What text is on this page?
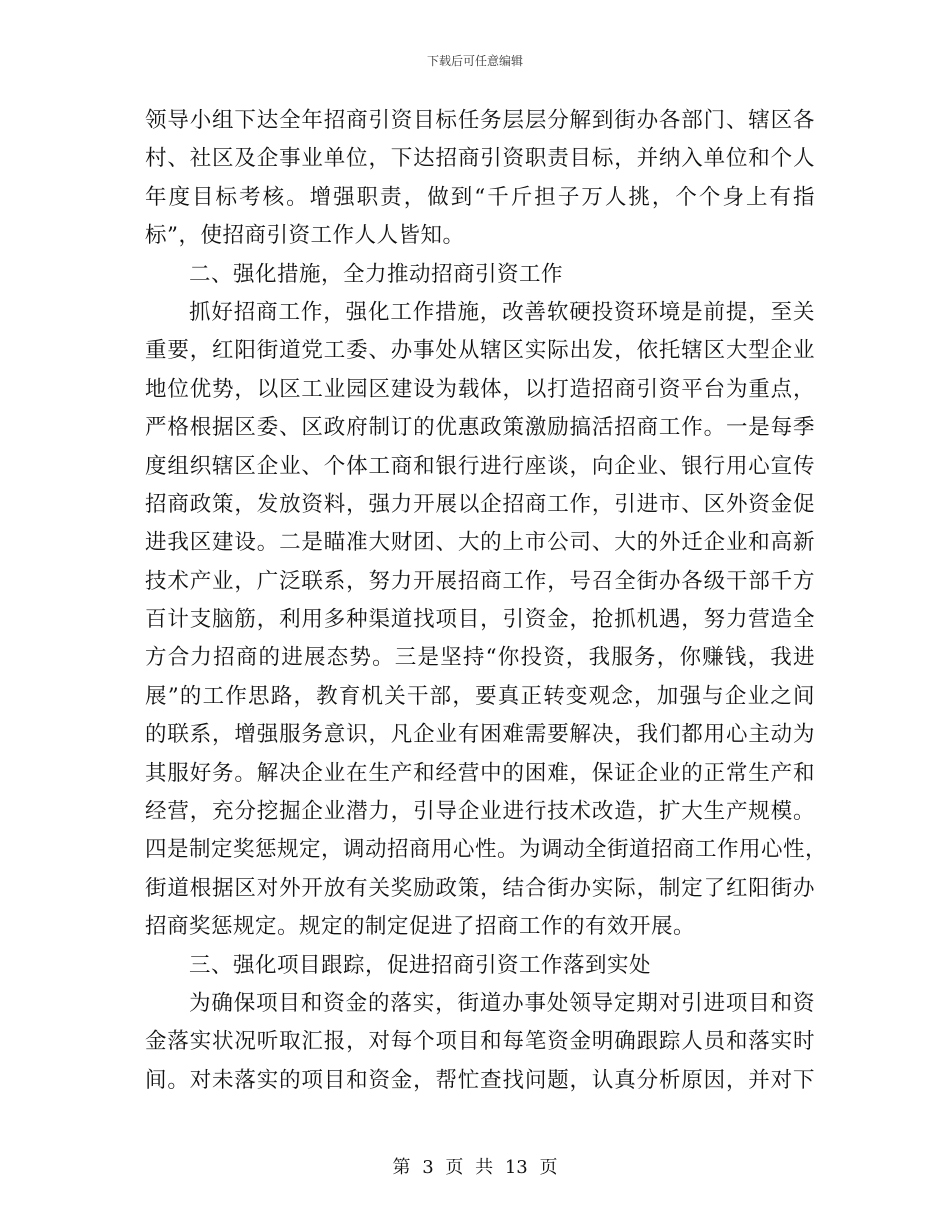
下载后可任意编辑
领导小组下达全年招商引资目标任务层层分解到街办各部门、辖区各
村、社区及企事业单位，下达招商引资职责目标，并纳入单位和个人
年度目标考核。增强职责，做到“千斤担子万人挑，个个身上有指
标”，使招商引资工作人人皆知。
二、强化措施，全力推动招商引资工作
抓好招商工作，强化工作措施，改善软硬投资环境是前提，至关
重要，红阳街道党工委、办事处从辖区实际出发，依托辖区大型企业
地位优势，以区工业园区建设为载体，以打造招商引资平台为重点，
严格根据区委、区政府制订的优惠政策激励搞活招商工作。一是每季
度组织辖区企业、个体工商和银行进行座谈，向企业、银行用心宣传
招商政策，发放资料，强力开展以企招商工作，引进市、区外资金促
进我区建设。二是瞄准大财团、大的上市公司、大的外迁企业和高新
技术产业，广泛联系，努力开展招商工作，号召全街办各级干部千方
百计支脑筋，利用多种渠道找项目，引资金，抢抓机遇，努力营造全
方合力招商的进展态势。三是坚持“你投资，我服务，你赚钱，我进
展”的工作思路，教育机关干部，要真正转变观念，加强与企业之间
的联系，增强服务意识，凡企业有困难需要解决，我们都用心主动为
其服好务。解决企业在生产和经营中的困难，保证企业的正常生产和
经营，充分挖掘企业潜力，引导企业进行技术改造，扩大生产规模。
四是制定奖惩规定，调动招商用心性。为调动全街道招商工作用心性，
街道根据区对外开放有关奖励政策，结合街办实际，制定了红阳街办
招商奖惩规定。规定的制定促进了招商工作的有效开展。
三、强化项目跟踪，促进招商引资工作落到实处
为确保项目和资金的落实，街道办事处领导定期对引进项目和资
金落实状况听取汇报，对每个项目和每笔资金明确跟踪人员和落实时
间。对未落实的项目和资金，帮忙查找问题，认真分析原因，并对下
第 3 页 共 13 页
